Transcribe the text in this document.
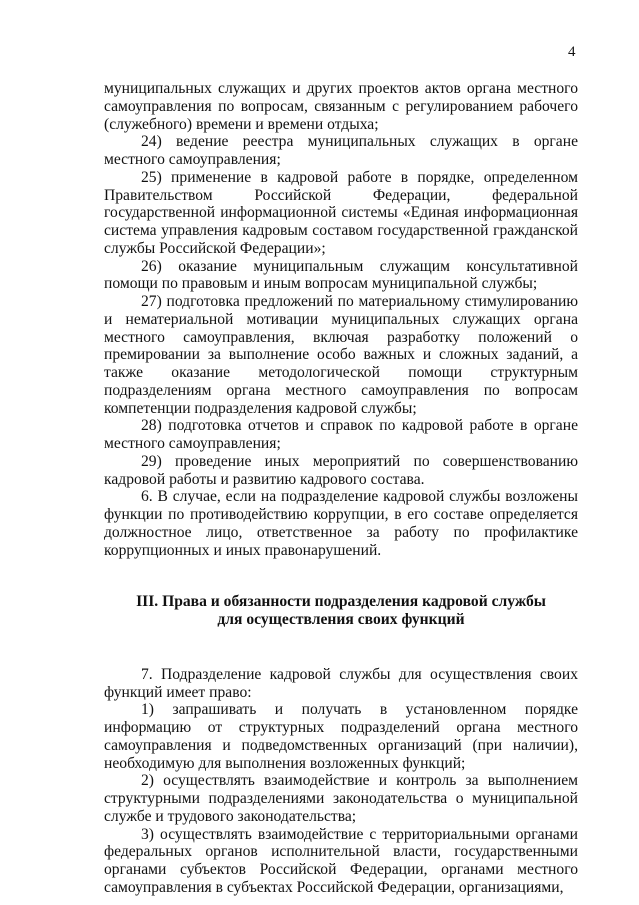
4

муниципальных служащих и других проектов актов органа местного самоуправления по вопросам, связанным с регулированием рабочего (служебного) времени и времени отдыха;

24) ведение реестра муниципальных служащих в органе местного самоуправления;

25) применение в кадровой работе в порядке, определенном Правительством Российской Федерации, федеральной государственной информационной системы «Единая информационная система управления кадровым составом государственной гражданской службы Российской Федерации»;

26) оказание муниципальным служащим консультативной помощи по правовым и иным вопросам муниципальной службы;

27) подготовка предложений по материальному стимулированию и нематериальной мотивации муниципальных служащих органа местного самоуправления, включая разработку положений о премировании за выполнение особо важных и сложных заданий, а также оказание методологической помощи структурным подразделениям органа местного самоуправления по вопросам компетенции подразделения кадровой службы;

28) подготовка отчетов и справок по кадровой работе в органе местного самоуправления;

29) проведение иных мероприятий по совершенствованию кадровой работы и развитию кадрового состава.

6. В случае, если на подразделение кадровой службы возложены функции по противодействию коррупции, в его составе определяется должностное лицо, ответственное за работу по профилактике коррупционных и иных правонарушений.

III. Права и обязанности подразделения кадровой службы
для осуществления своих функций

7. Подразделение кадровой службы для осуществления своих функций имеет право:

1) запрашивать и получать в установленном порядке информацию от структурных подразделений органа местного самоуправления и подведомственных организаций (при наличии), необходимую для выполнения возложенных функций;

2) осуществлять взаимодействие и контроль за выполнением структурными подразделениями законодательства о муниципальной службе и трудового законодательства;

3) осуществлять взаимодействие с территориальными органами федеральных органов исполнительной власти, государственными органами субъектов Российской Федерации, органами местного самоуправления в субъектах Российской Федерации, организациями,
